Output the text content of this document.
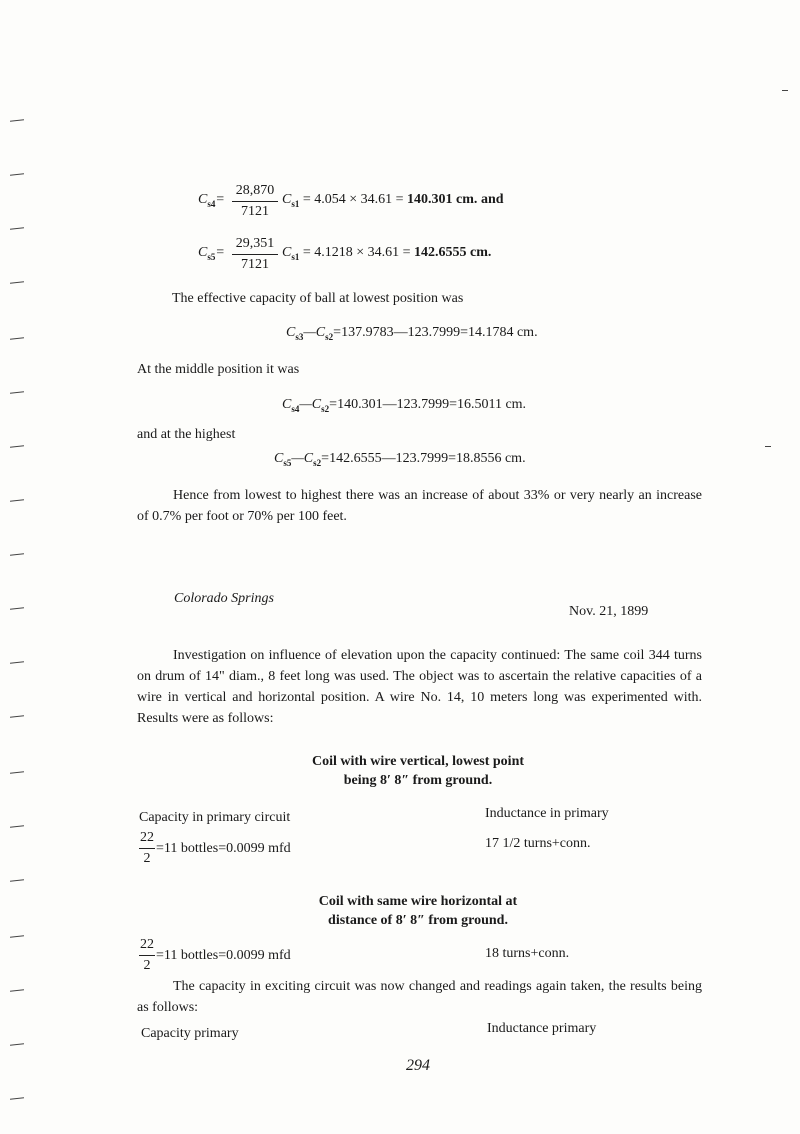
$C_{s4}=$
28,870
7121
$C_{s1} = 4.054 \times 34.61 = 140.301$ cm. and
$C_{s5}=$
29,351
7121
$C_{s1} = 4.1218 \times 34.61 = 142.6555$ cm.
The effective capacity of ball at lowest position was
$C_{s3}—C_{s2}=137.9783—123.7999=14.1784$ cm.
At the middle position it was
$C_{s4}—C_{s2}=140.301—123.7999=16.5011$ cm.
and at the highest
$C_{s5}—C_{s2}=142.6555—123.7999=18.8556$ cm.
Hence from lowest to highest there was an increase of about 33% or very nearly an increase of 0.7% per foot or 70% per 100 feet.
Colorado Springs
Nov. 21, 1899
Investigation on influence of elevation upon the capacity continued: The same coil 344 turns on drum of 14" diam., 8 feet long was used. The object was to ascertain the relative capacities of a wire in vertical and horizontal position. A wire No. 14, 10 meters long was experimented with. Results were as follows:
Coil with wire vertical, lowest point
being 8′ 8″ from ground.
Capacity in primary circuit	Inductance in primary
22
2
=11 bottles=0.0099 mfd	17 1/2 turns+conn.
Coil with same wire horizontal at
distance of 8′ 8″ from ground.
22
2
=11 bottles=0.0099 mfd	18 turns+conn.
The capacity in exciting circuit was now changed and readings again taken, the results being as follows:
Capacity primary	Inductance primary
294
